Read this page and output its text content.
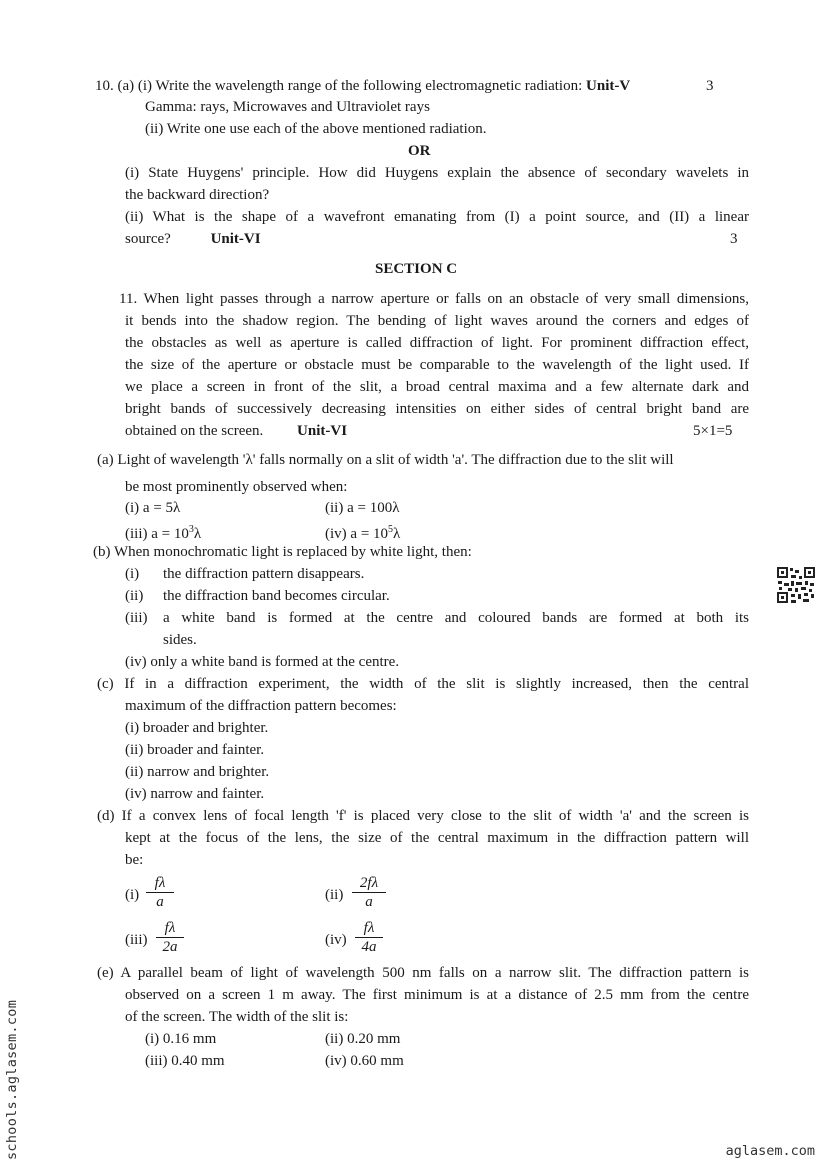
10. (a) (i) Write the wavelength range of the following electromagnetic radiation: Unit-V	3
Gamma: rays, Microwaves and Ultraviolet rays
(ii) Write one use each of the above mentioned radiation.
OR
(i) State Huygens' principle. How did Huygens explain the absence of secondary wavelets in
the backward direction?
(ii) What is the shape of a wavefront emanating from (I) a point source, and (II) a linear
source?	Unit-VI	3
SECTION C
11. When light passes through a narrow aperture or falls on an obstacle of very small dimensions,
it bends into the shadow region. The bending of light waves around the corners and edges of
the obstacles as well as aperture is called diffraction of light. For prominent diffraction effect,
the size of the aperture or obstacle must be comparable to the wavelength of the light used. If
we place a screen in front of the slit, a broad central maxima and a few alternate dark and
bright bands of successively decreasing intensities on either sides of central bright band are
obtained on the screen. Unit-VI	5×1=5
(a) Light of wavelength 'λ' falls normally on a slit of width 'a'. The diffraction due to the slit will
be most prominently observed when:
(i) a = 5λ	(ii) a = 100λ
(iii) $a = 10^3\lambda$	(iv) $a = 10^5\lambda$
(b) When monochromatic light is replaced by white light, then:
(i) the diffraction pattern disappears.
(ii) the diffraction band becomes circular.
(iii) a white band is formed at the centre and coloured bands are formed at both its
sides.
(iv) only a white band is formed at the centre.
(c) If in a diffraction experiment, the width of the slit is slightly increased, then the central
maximum of the diffraction pattern becomes:
(i) broader and brighter.
(ii) broader and fainter.
(ii) narrow and brighter.
(iv) narrow and fainter.
(d) If a convex lens of focal length 'f' is placed very close to the slit of width 'a' and the screen is
kept at the focus of the lens, the size of the central maximum in the diffraction pattern will
be:
$(i) \frac{f\lambda}{a}$	$(ii) \frac{2f\lambda}{a}$
$(iii) \frac{f\lambda}{2a}$	$(iv) \frac{f\lambda}{4a}$
(e) A parallel beam of light of wavelength 500 nm falls on a narrow slit. The diffraction pattern is
observed on a screen 1 m away. The first minimum is at a distance of 2.5 mm from the centre
of the screen. The width of the slit is:
(i) 0.16 mm	(ii) 0.20 mm
(iii) 0.40 mm	(iv) 0.60 mm
schools.aglasem.com	aglasem.com
